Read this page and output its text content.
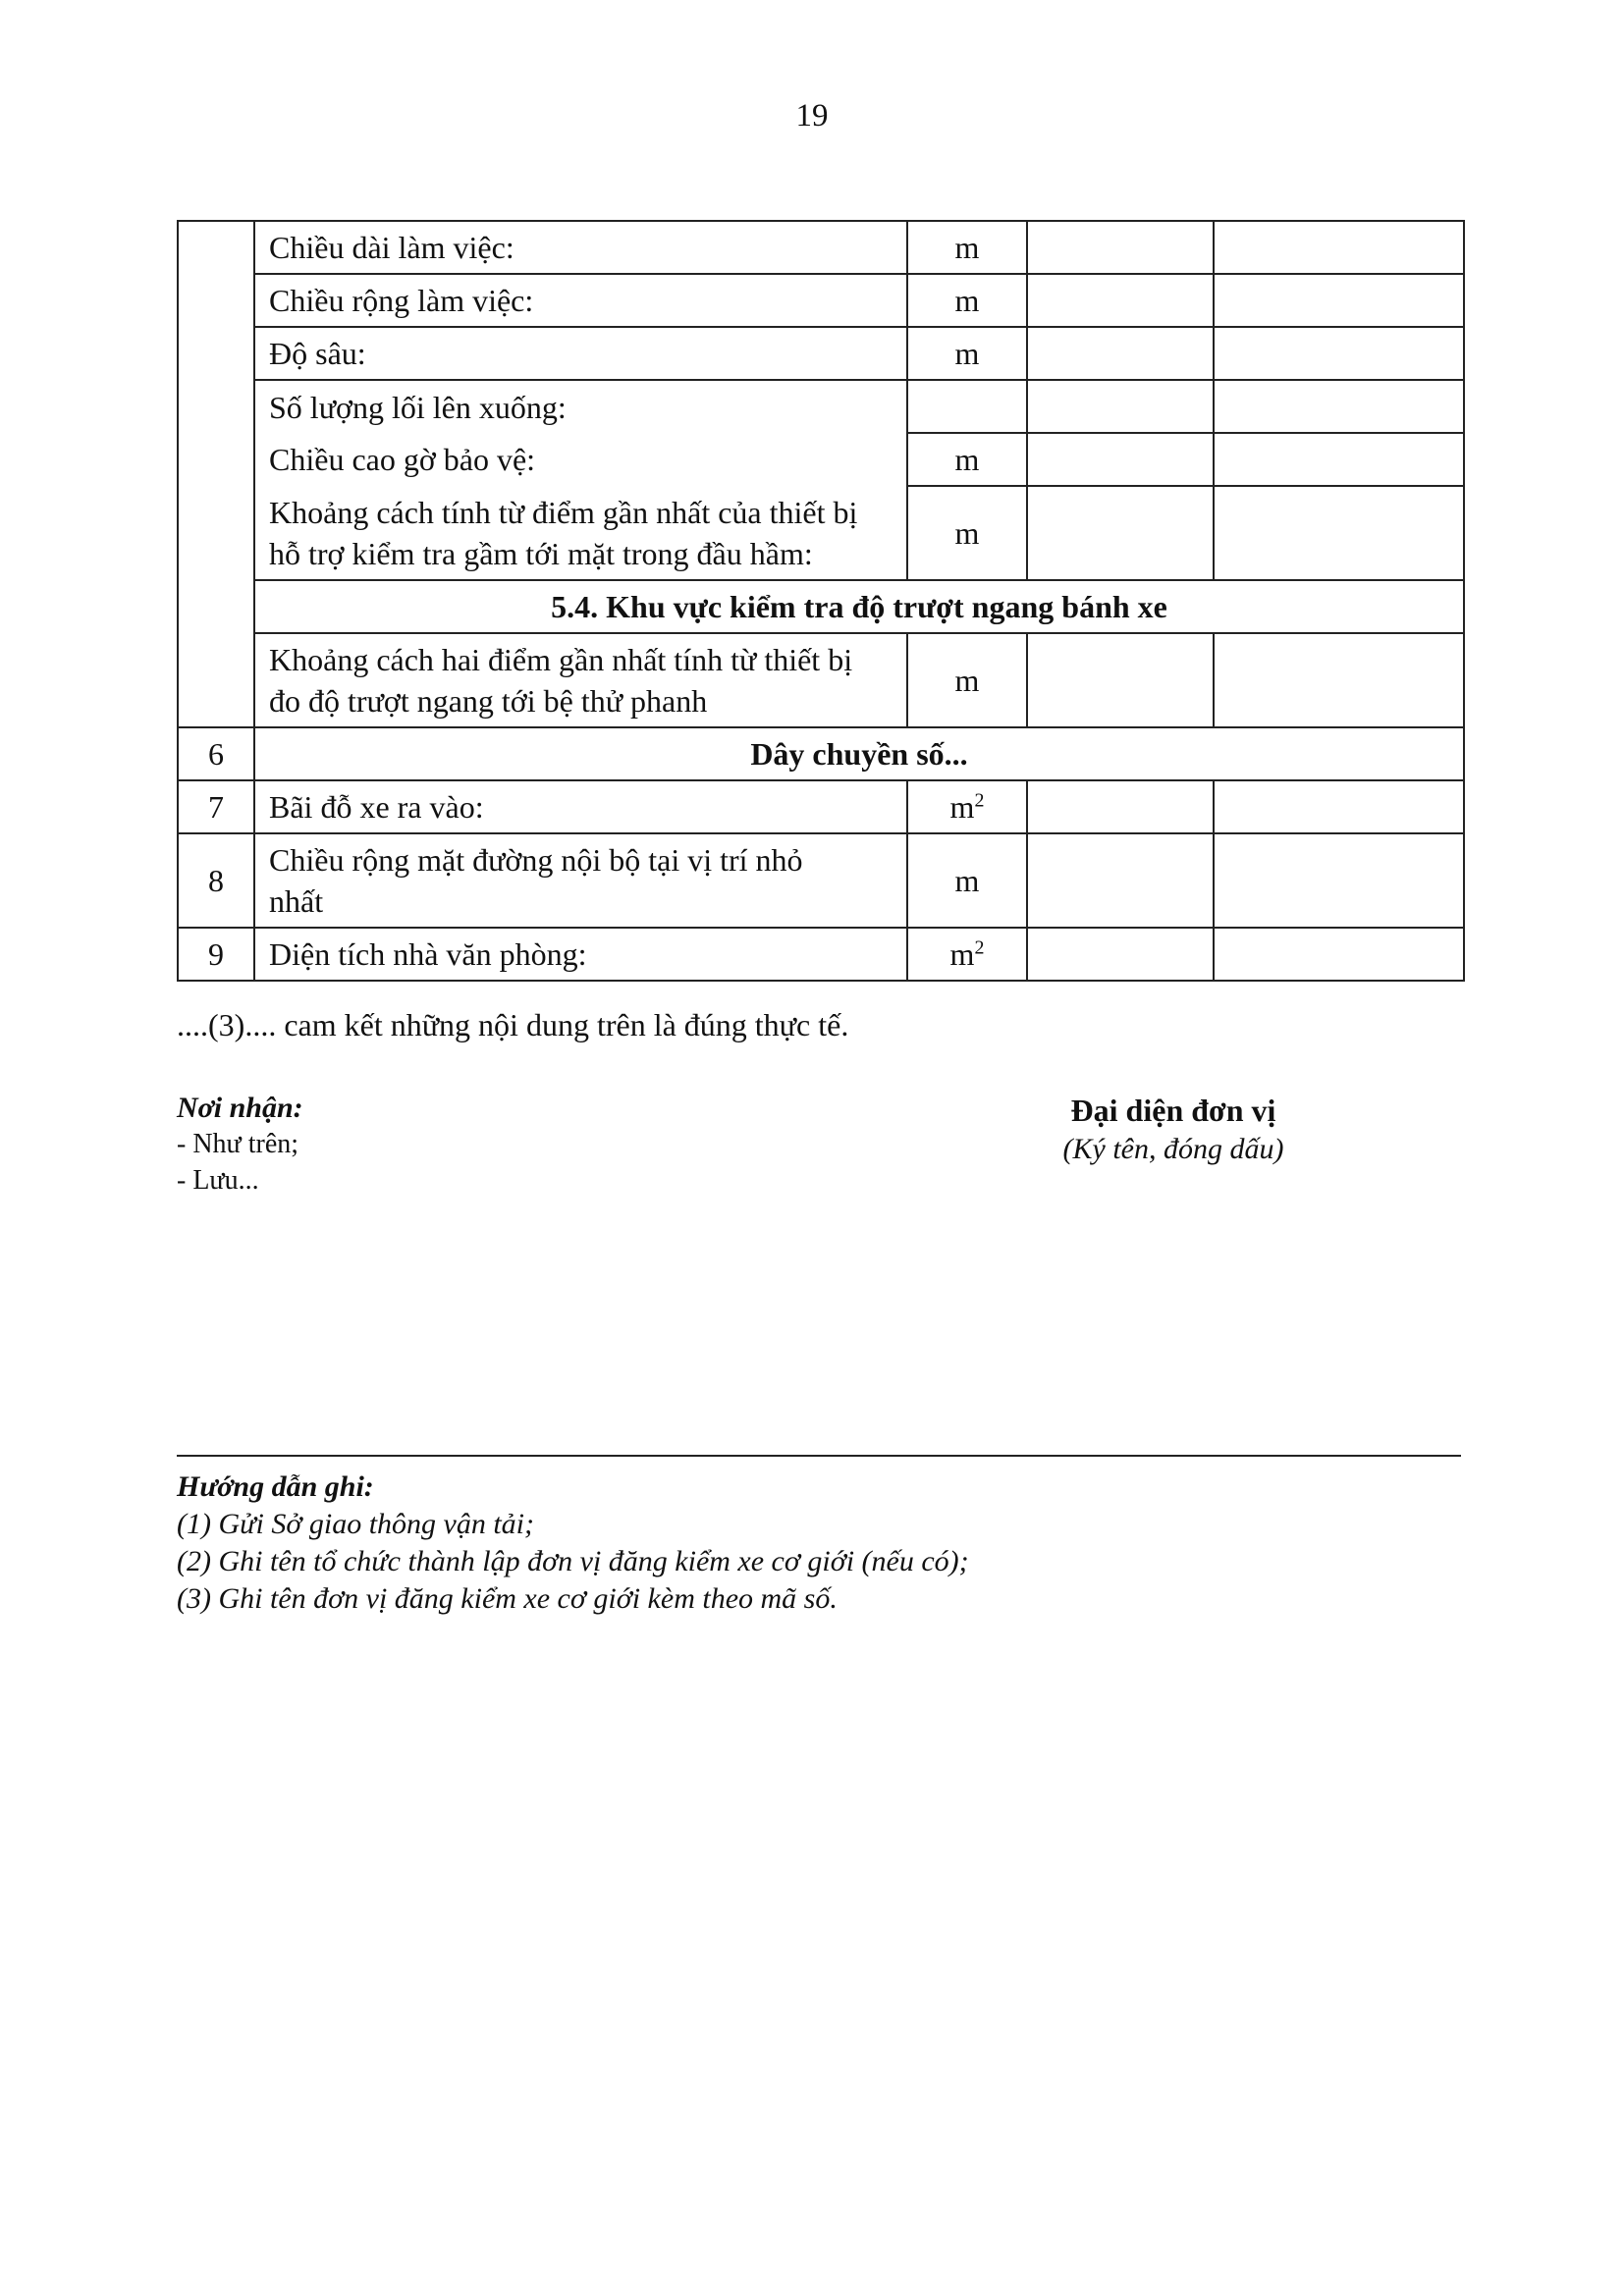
19
	Chiều dài làm việc:	m		
	Chiều rộng làm việc:	m		
	Độ sâu:	m		
	Số lượng lối lên xuống:			
	Chiều cao gờ bảo vệ:	m		

	Khoảng cách tính từ điểm gần nhất của thiết bị
hỗ trợ kiểm tra gầm tới mặt trong đầu hầm:	m		
	5.4. Khu vực kiểm tra độ trượt ngang bánh xe			

	Khoảng cách hai điểm gần nhất tính từ thiết bị
đo độ trượt ngang tới bệ thử phanh	m		
6	Dây chuyền số...			
7	Bãi đỗ xe ra vào:	$m^2$		
8	Chiều rộng mặt đường nội bộ tại vị trí nhỏ
nhất	m		
9	Diện tích nhà văn phòng:	$m^2$		
....(3).... cam kết những nội dung trên là đúng thực tế.
Nơi nhận:
- Như trên;
- Lưu...
Đại diện đơn vị
(Ký tên, đóng dấu)
Hướng dẫn ghi:
(1) Gửi Sở giao thông vận tải;
(2) Ghi tên tổ chức thành lập đơn vị đăng kiểm xe cơ giới (nếu có);
(3) Ghi tên đơn vị đăng kiểm xe cơ giới kèm theo mã số.
